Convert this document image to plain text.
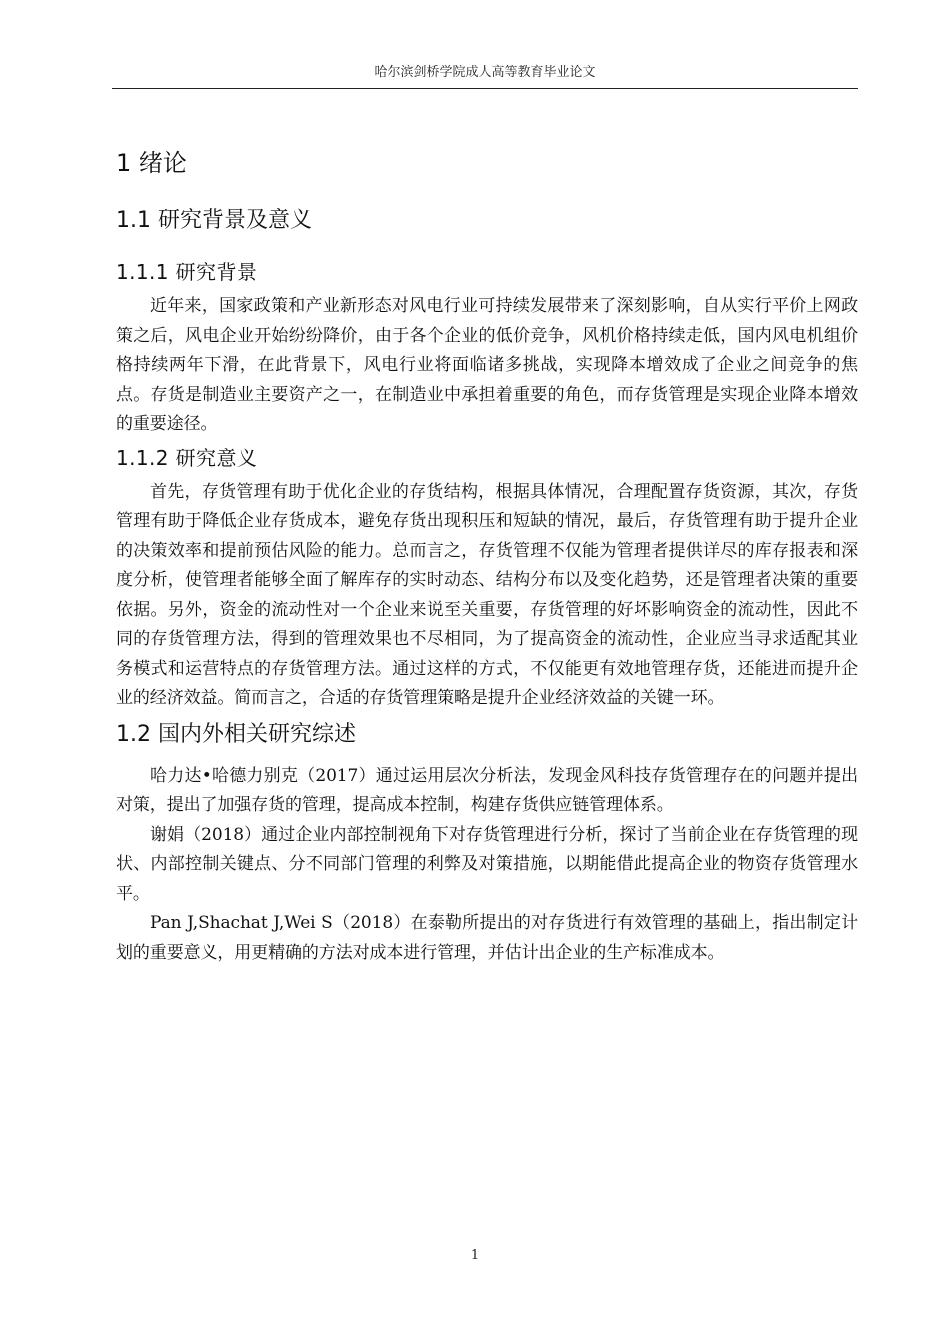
哈尔滨剑桥学院成人高等教育毕业论文
1 绪论
1.1 研究背景及意义
1.1.1 研究背景

近年来，国家政策和产业新形态对风电行业可持续发展带来了深刻影响，自从实行平价上网政策之后，风电企业开始纷纷降价，由于各个企业的低价竞争，风机价格持续走低，国内风电机组价格持续两年下滑，在此背景下，风电行业将面临诸多挑战，实现降本增效成了企业之间竞争的焦点。存货是制造业主要资产之一，在制造业中承担着重要的角色，而存货管理是实现企业降本增效的重要途径。

1.1.2 研究意义

首先，存货管理有助于优化企业的存货结构，根据具体情况，合理配置存货资源，其次，存货管理有助于降低企业存货成本，避免存货出现积压和短缺的情况，最后，存货管理有助于提升企业的决策效率和提前预估风险的能力。总而言之，存货管理不仅能为管理者提供详尽的库存报表和深度分析，使管理者能够全面了解库存的实时动态、结构分布以及变化趋势，还是管理者决策的重要依据。另外，资金的流动性对一个企业来说至关重要，存货管理的好坏影响资金的流动性，因此不同的存货管理方法，得到的管理效果也不尽相同，为了提高资金的流动性，企业应当寻求适配其业务模式和运营特点的存货管理方法。通过这样的方式，不仅能更有效地管理存货，还能进而提升企业的经济效益。简而言之，合适的存货管理策略是提升企业经济效益的关键一环。

1.2 国内外相关研究综述

哈力达•哈德力别克（2017）通过运用层次分析法，发现金风科技存货管理存在的问题并提出对策，提出了加强存货的管理，提高成本控制，构建存货供应链管理体系。

谢娟（2018）通过企业内部控制视角下对存货管理进行分析，探讨了当前企业在存货管理的现状、内部控制关键点、分不同部门管理的利弊及对策措施，以期能借此提高企业的物资存货管理水平。

Pan J,Shachat J,Wei S（2018）在泰勒所提出的对存货进行有效管理的基础上，指出制定计划的重要意义，用更精确的方法对成本进行管理，并估计出企业的生产标准成本。

1
